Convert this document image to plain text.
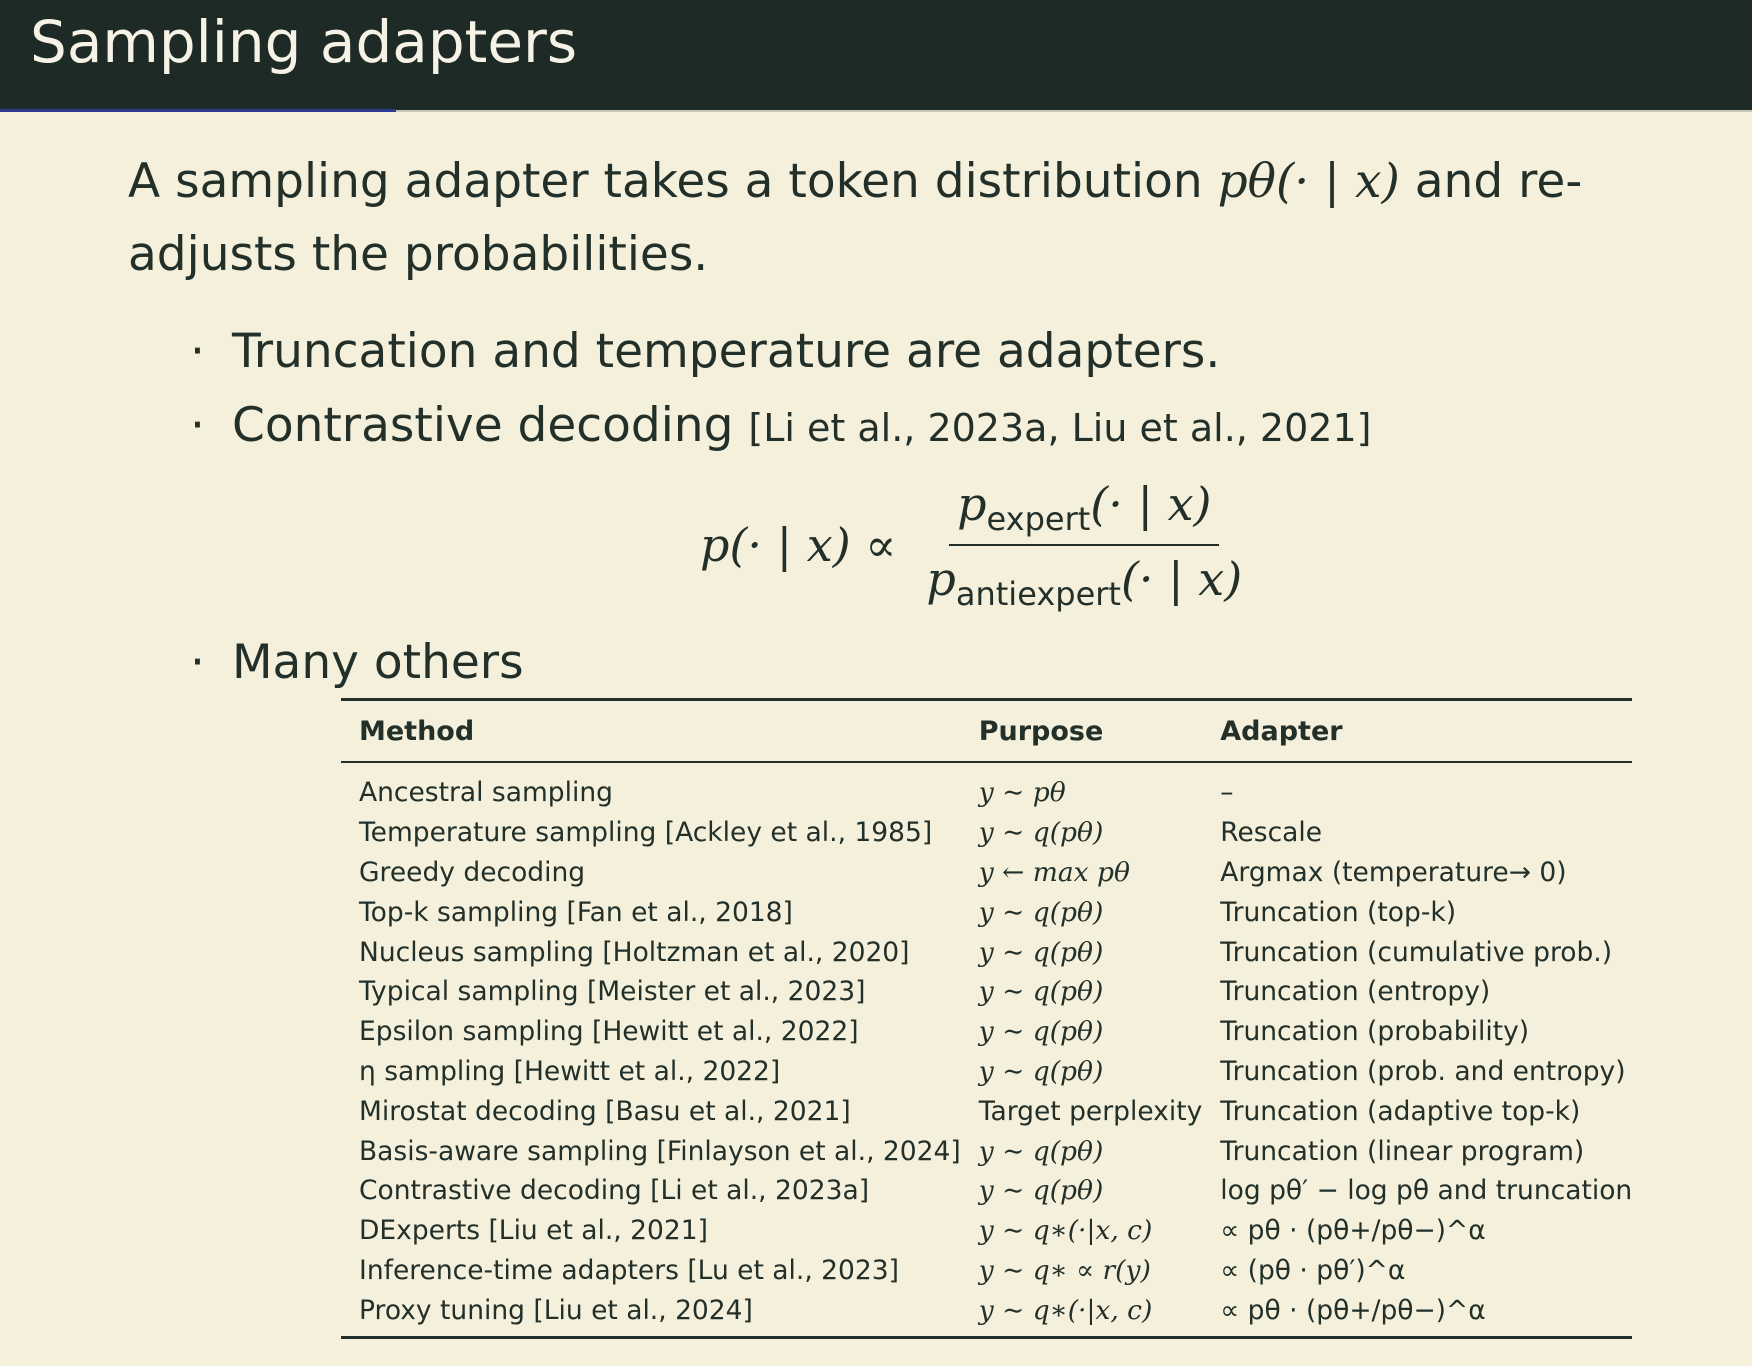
Sampling adapters
A sampling adapter takes a token distribution pθ(· | x) and re-adjusts the probabilities.
· Truncation and temperature are adapters.
· Contrastive decoding [Li et al., 2023a, Liu et al., 2021]
p(· | $x) \propto \frac{p_{expert}(\cdot | x)}{p_{antiexpert}(\cdot | x)}$
· Many others
Method	Purpose	Adapter
Ancestral sampling	y ∼ pθ	–
Temperature sampling [Ackley et al., 1985]	y ∼ q(pθ)	Rescale
Greedy decoding	y ← max pθ	Argmax (temperature→ 0)
Top-k sampling [Fan et al., 2018]	y ∼ q(pθ)	Truncation (top-k)
Nucleus sampling [Holtzman et al., 2020]	y ∼ q(pθ)	Truncation (cumulative prob.)
Typical sampling [Meister et al., 2023]	y ∼ q(pθ)	Truncation (entropy)
Epsilon sampling [Hewitt et al., 2022]	y ∼ q(pθ)	Truncation (probability)
η sampling [Hewitt et al., 2022]	y ∼ q(pθ)	Truncation (prob. and entropy)
Mirostat decoding [Basu et al., 2021]	Target perplexity	Truncation (adaptive top-k)
Basis-aware sampling [Finlayson et al., 2024]	y ∼ q(pθ)	Truncation (linear program)
Contrastive decoding [Li et al., 2023a]	y ∼ q(pθ)	log pθ′ − log pθ and truncation
DExperts [Liu et al., 2021]	y ∼ q∗(·|x, c)	∝ pθ · (pθ+/pθ−)^α
Inference-time adapters [Lu et al., 2023]	y ∼ q∗ ∝ r(y)	∝ (pθ · pθ′)^α
Proxy tuning [Liu et al., 2024]	y ∼ q∗(·|x, c)	∝ pθ · (pθ+/pθ−)^α
